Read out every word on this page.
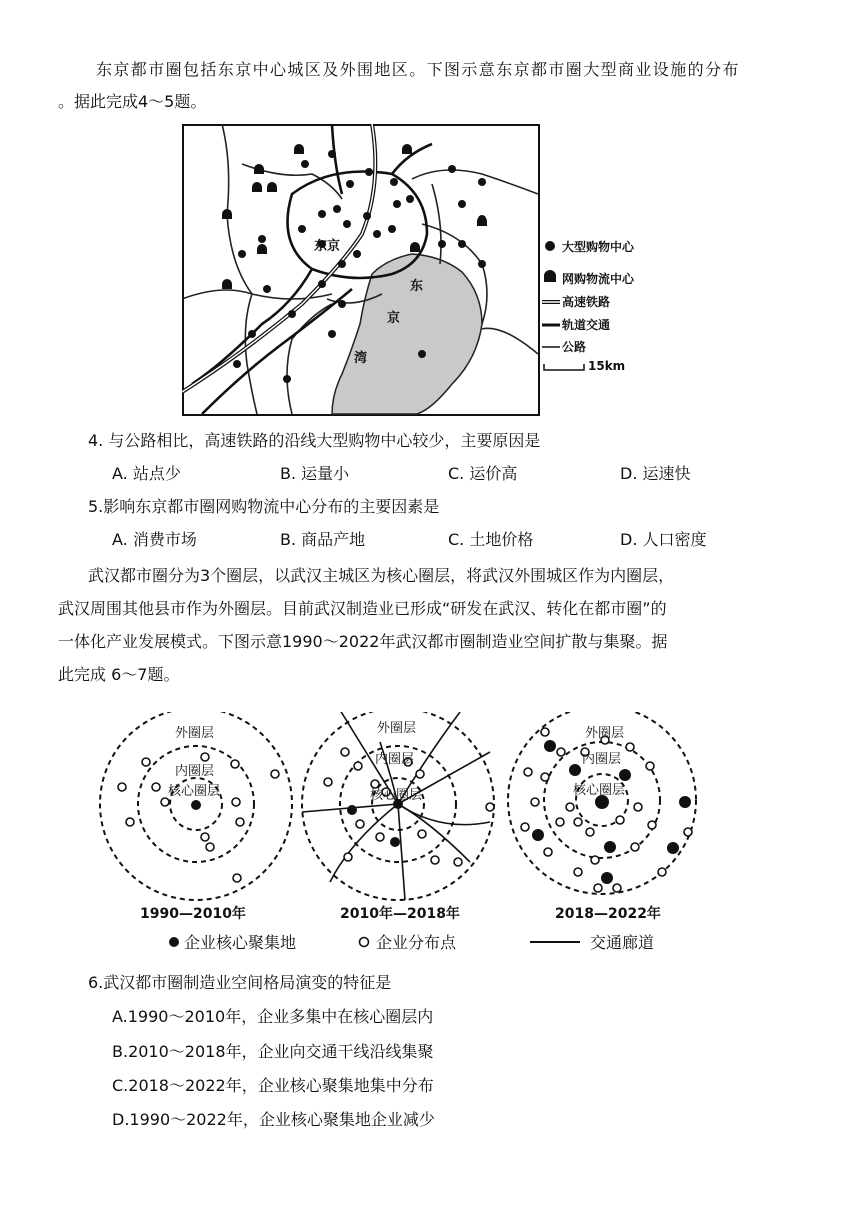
东京都市圈包括东京中心城区及外围地区。下图示意东京都市圈大型商业设施的分布
。据此完成4～5题。
东京
东
京
湾
大型购物中心
网购物流中心
高速铁路
轨道交通
公路
15km
4. 与公路相比，高速铁路的沿线大型购物中心较少，主要原因是
A. 站点少	B. 运量小	C. 运价高	D. 运速快
5.影响东京都市圈网购物流中心分布的主要因素是
A. 消费市场	B. 商品产地	C. 土地价格	D. 人口密度
武汉都市圈分为3个圈层，以武汉主城区为核心圈层，将武汉外围城区作为内圈层，
武汉周围其他县市作为外圈层。目前武汉制造业已形成“研发在武汉、转化在都市圈”的
一体化产业发展模式。下图示意1990～2022年武汉都市圈制造业空间扩散与集聚。据
此完成 6～7题。
外圈层
内圈层
核心圈层
1990—2010年
外圈层
内圈层
核心圈层
2010年—2018年
外圈层
内圈层
核心圈层
2018—2022年
企业核心聚集地	企业分布点	交通廊道
6.武汉都市圈制造业空间格局演变的特征是
A.1990～2010年，企业多集中在核心圈层内
B.2010～2018年，企业向交通干线沿线集聚
C.2018～2022年，企业核心聚集地集中分布
D.1990～2022年，企业核心聚集地企业减少
